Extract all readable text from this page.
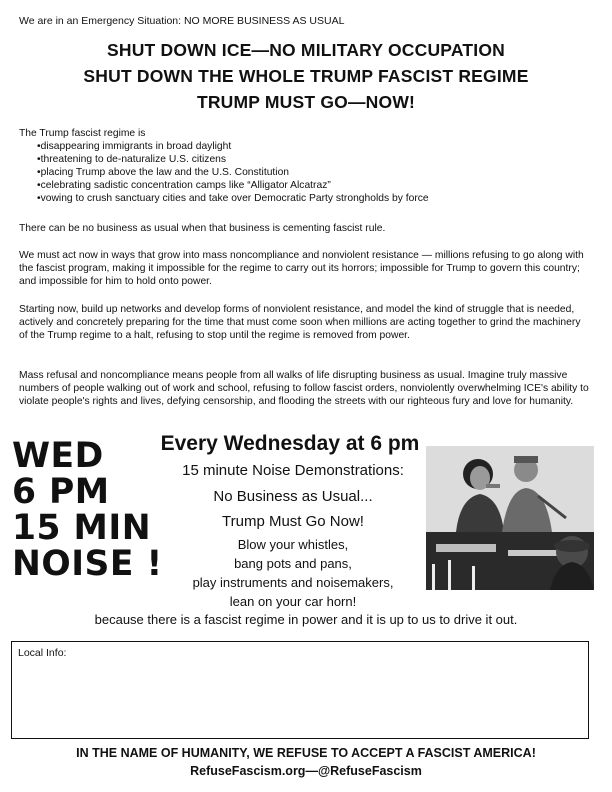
We are in an Emergency Situation: NO MORE BUSINESS AS USUAL
SHUT DOWN ICE—NO MILITARY OCCUPATION
SHUT DOWN THE WHOLE TRUMP FASCIST REGIME
TRUMP MUST GO—NOW!
The Trump fascist regime is
• disappearing immigrants in broad daylight
• threatening to de-naturalize U.S. citizens
• placing Trump above the law and the U.S. Constitution
• celebrating sadistic concentration camps like “Alligator Alcatraz”
• vowing to crush sanctuary cities and take over Democratic Party strongholds by force
There can be no business as usual when that business is cementing fascist rule.
We must act now in ways that grow into mass noncompliance and nonviolent resistance — millions refusing to go along with the fascist program, making it impossible for the regime to carry out its horrors; impossible for Trump to govern this country; and impossible for him to hold onto power.
Starting now, build up networks and develop forms of nonviolent resistance, and model the kind of struggle that is needed, actively and concretely preparing for the time that must come soon when millions are acting together to grind the machinery of the Trump regime to a halt, refusing to stop until the regime is removed from power.
Mass refusal and noncompliance means people from all walks of life disrupting business as usual. Imagine truly massive numbers of people walking out of work and school, refusing to follow fascist orders, nonviolently overwhelming ICE's ability to violate people's rights and lives, defying censorship, and flooding the streets with our righteous fury and love for humanity.
WED
6 PM
15 MIN
NOISE !
Every Wednesday at 6 pm
15 minute Noise Demonstrations:
No Business as Usual...
Trump Must Go Now!
Blow your whistles,
bang pots and pans,
play instruments and noisemakers,
lean on your car horn!
because there is a fascist regime in power and it is up to us to drive it out.
Local Info:
IN THE NAME OF HUMANITY, WE REFUSE TO ACCEPT A FASCIST AMERICA!
RefuseFascism.org—@RefuseFascism
